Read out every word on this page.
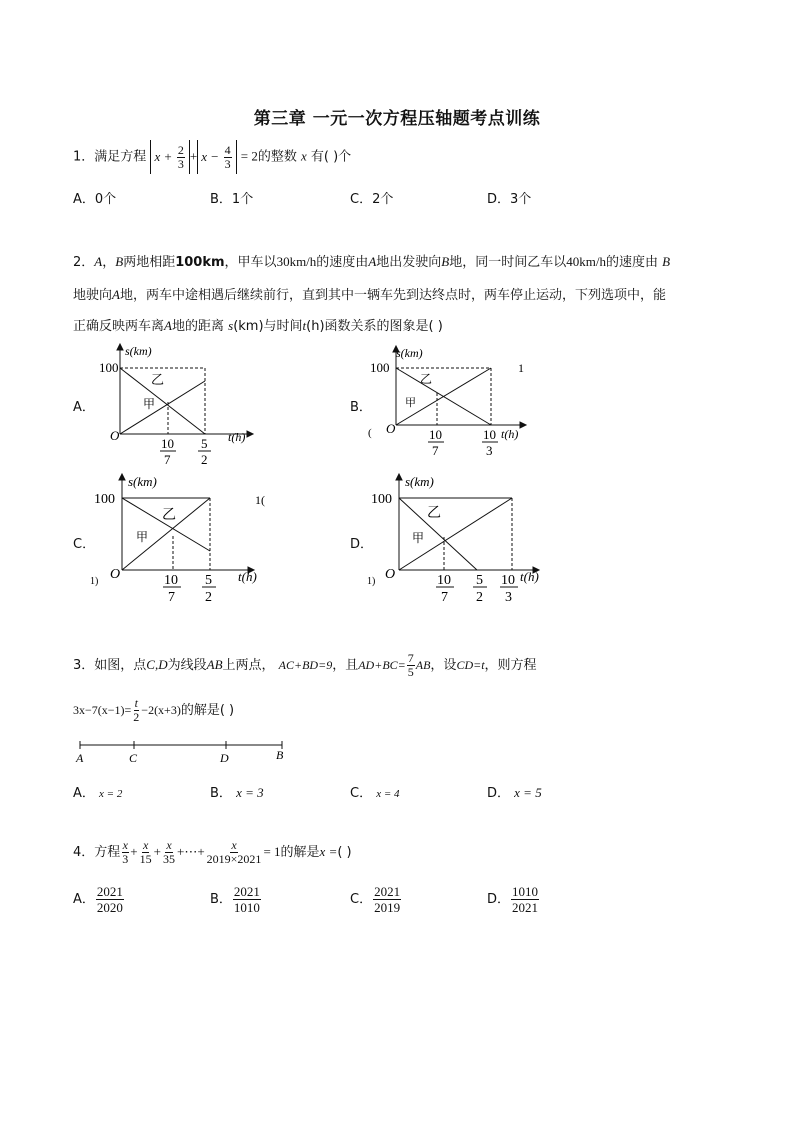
第三章 一元一次方程压轴题考点训练
1．满足方程 $x + \frac{2}{3} + x - \frac{4}{3} = 2$的整数 x 有( )个
A．0个	B．1个	C．2个	D．3个
2．A，B两地相距100km，甲车以30km/h的速度由A地出发驶向B地，同一时间乙车以40km/h的速度由 B
地驶向A地，两车中途相遇后继续前行，直到其中一辆车先到达终点时，两车停止运动，下列选项中，能
正确反映两车离A地的距离 s(km)与时间t(h)函数关系的图象是( )
A．	B．
C．	D．
s(km)
100
O	t(h)
乙
甲
10
7
5
2
s(km)
100
O	t(h)
乙
甲
10
7
10
3
1
(
s(km)
100
O	t(h)
乙
甲
10
7
5
2
1(
1)
s(km)
100
O	t(h)
乙
甲
10
7
5
2
10
3
1)
3．如图，点C,D为线段AB上两点， AC+BD=9，且$AD+BC= \frac{7}{5}$ AB，设CD=t，则方程
$3x-7(x-1)= \frac{t}{2} -2(x+3)$的解是( )
A	C	D	B
A． x = 2	B． x = 3	C． x = 4	D． x = 5
4．方程 $\frac{x}{3} + \frac{x}{15} + \frac{x}{35}$ +⋯+ $\frac{x}{2019\times 2021} = 1$的解是x =( )
A． $\frac{2021}{2020}$	B． $\frac{2021}{1010}$	C． $\frac{2021}{2019}$	D． $\frac{1010}{2021}$
